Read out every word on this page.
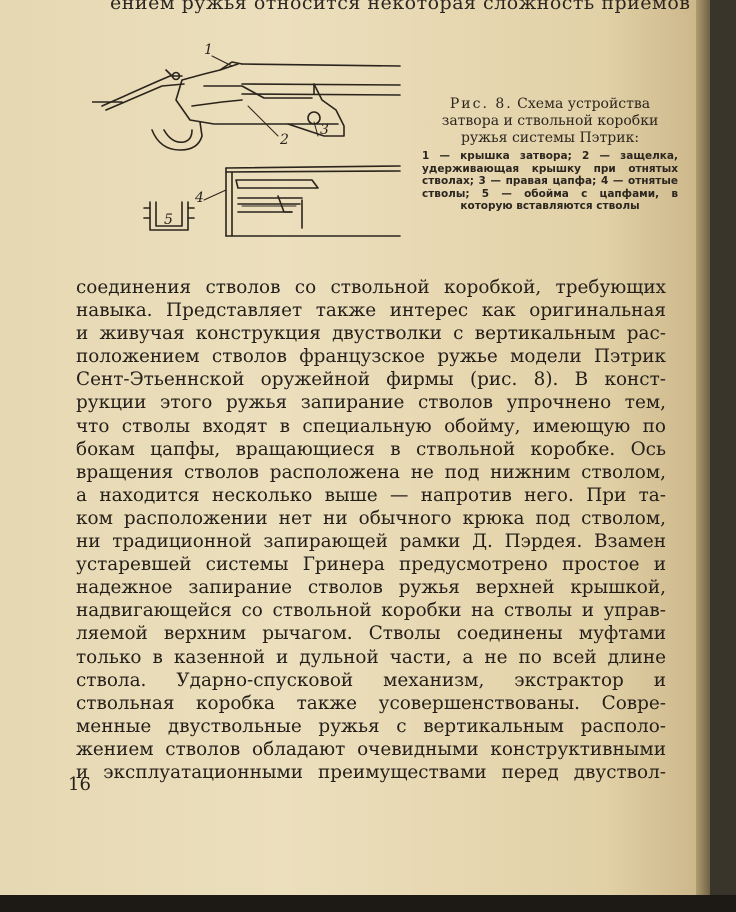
ением ружья относится некоторая сложность приемов
1
2
3
4
5
Рис. 8. Схема устройства затвора и ствольной коробки ружья системы Пэтрик:
1 — крышка затвора; 2 — защелка, удерживающая крышку при отнятых стволах; 3 — правая цапфа; 4 — отнятые стволы; 5 — обойма с цапфами, в которую вставляются стволы
соединения стволов со ствольной коробкой, требующих
навыка. Представляет также интерес как оригинальная
и живучая конструкция двустволки с вертикальным рас-
положением стволов французское ружье модели Пэтрик
Сент-Этьеннской оружейной фирмы (рис. 8). В конст-
рукции этого ружья запирание стволов упрочнено тем,
что стволы входят в специальную обойму, имеющую по
бокам цапфы, вращающиеся в ствольной коробке. Ось
вращения стволов расположена не под нижним стволом,
а находится несколько выше — напротив него. При та-
ком расположении нет ни обычного крюка под стволом,
ни традиционной запирающей рамки Д. Пэрдея. Взамен
устаревшей системы Гринера предусмотрено простое и
надежное запирание стволов ружья верхней крышкой,
надвигающейся со ствольной коробки на стволы и управ-
ляемой верхним рычагом. Стволы соединены муфтами
только в казенной и дульной части, а не по всей длине
ствола. Ударно-спусковой механизм, экстрактор и
ствольная коробка также усовершенствованы. Совре-
менные двуствольные ружья с вертикальным располо-
жением стволов обладают очевидными конструктивными
и эксплуатационными преимуществами перед двуствол-
16
